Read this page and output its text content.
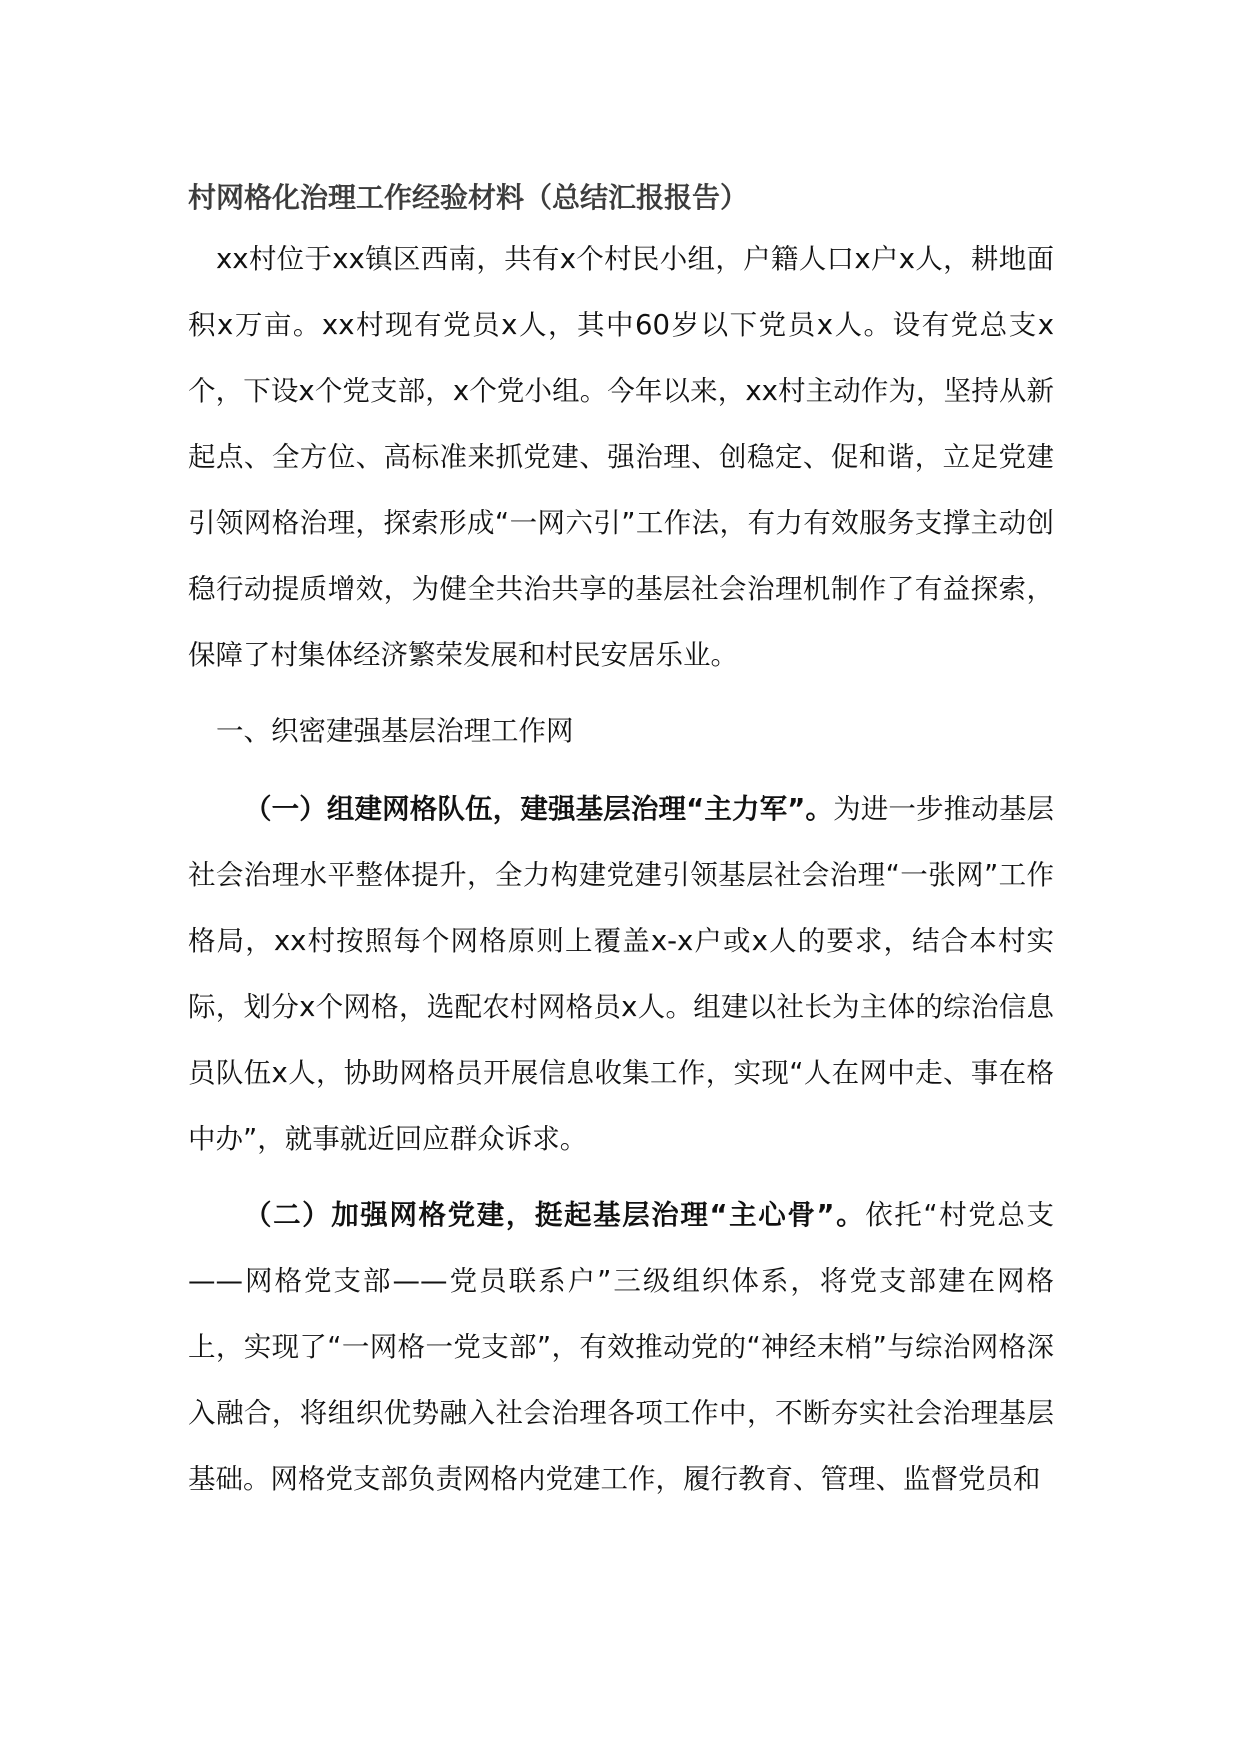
村网格化治理工作经验材料（总结汇报报告）

xx村位于xx镇区西南，共有x个村民小组，户籍人口x户x人，耕地面积x万亩。xx村现有党员x人，其中60岁以下党员x人。设有党总支x个，下设x个党支部，x个党小组。今年以来，xx村主动作为，坚持从新起点、全方位、高标准来抓党建、强治理、创稳定、促和谐，立足党建引领网格治理，探索形成“一网六引”工作法，有力有效服务支撑主动创稳行动提质增效，为健全共治共享的基层社会治理机制作了有益探索，保障了村集体经济繁荣发展和村民安居乐业。

一、织密建强基层治理工作网

（一）组建网格队伍，建强基层治理“主力军”。为进一步推动基层社会治理水平整体提升，全力构建党建引领基层社会治理“一张网”工作格局，xx村按照每个网格原则上覆盖x-x户或x人的要求，结合本村实际，划分x个网格，选配农村网格员x人。组建以社长为主体的综治信息员队伍x人，协助网格员开展信息收集工作，实现“人在网中走、事在格中办”，就事就近回应群众诉求。

（二）加强网格党建，挺起基层治理“主心骨”。依托“村党总支——网格党支部——党员联系户”三级组织体系，将党支部建在网格上，实现了“一网格一党支部”，有效推动党的“神经末梢”与综治网格深入融合，将组织优势融入社会治理各项工作中，不断夯实社会治理基层基础。网格党支部负责网格内党建工作，履行教育、管理、监督党员和
